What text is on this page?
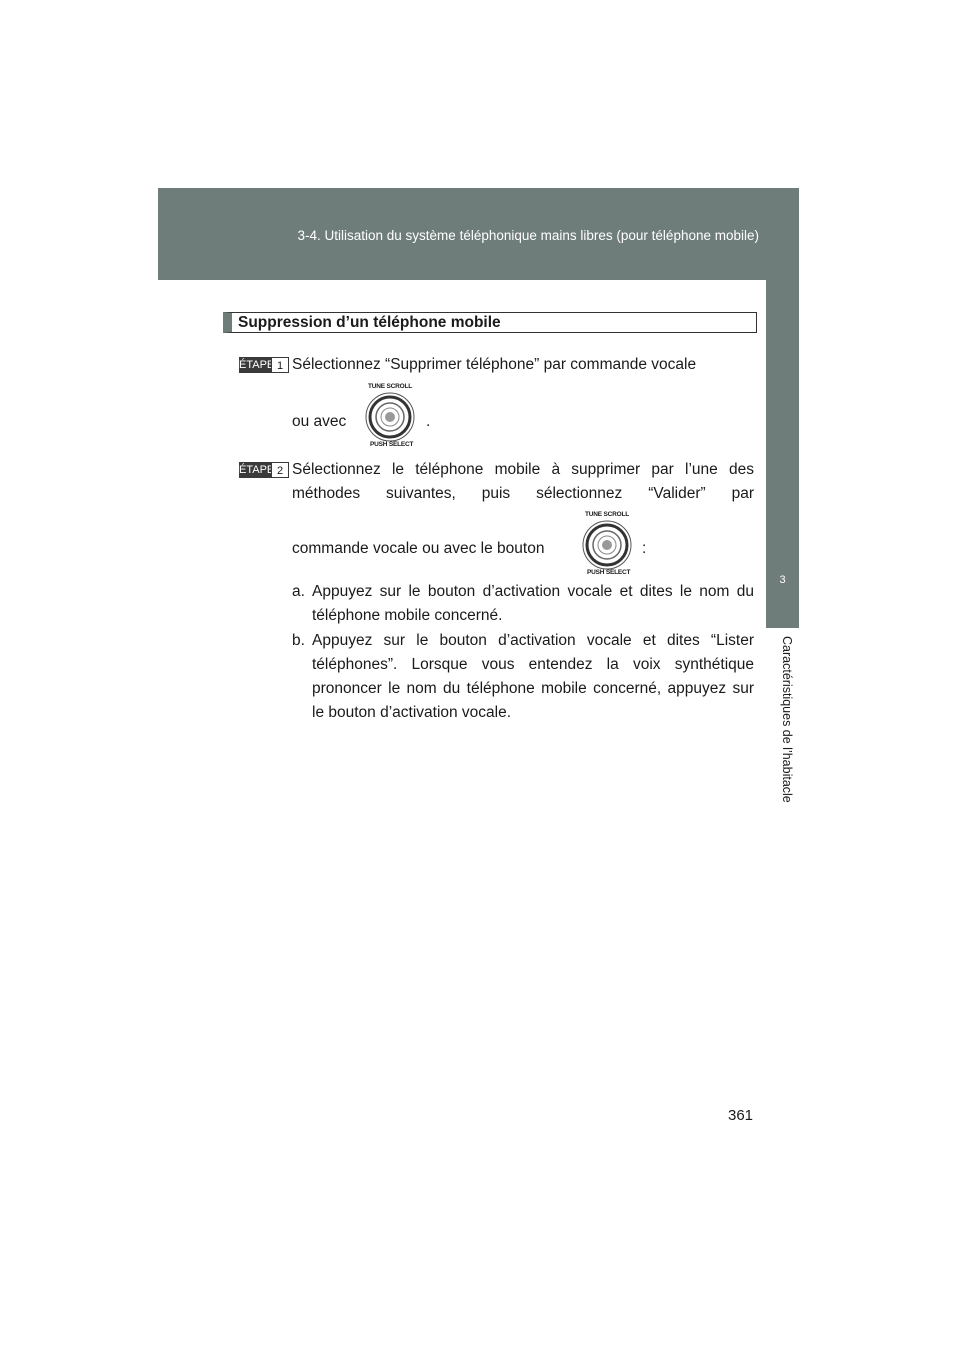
3-4. Utilisation du système téléphonique mains libres (pour téléphone mobile)
3
Caractéristiques de l’habitacle
Suppression d’un téléphone mobile
ÉTAPE 1 Sélectionnez “Supprimer téléphone” par commande vocale
ou avec
TUNE SCROLL
PUSH SELECT
.
ÉTAPE 2 Sélectionnez le téléphone mobile à supprimer par l’une des méthodes suivantes, puis sélectionnez “Valider” par
commande vocale ou avec le bouton
TUNE SCROLL
PUSH SELECT
:
a. Appuyez sur le bouton d’activation vocale et dites le nom du téléphone mobile concerné.
b. Appuyez sur le bouton d’activation vocale et dites “Lister téléphones”. Lorsque vous entendez la voix synthétique prononcer le nom du téléphone mobile concerné, appuyez sur le bouton d’activation vocale.
361
